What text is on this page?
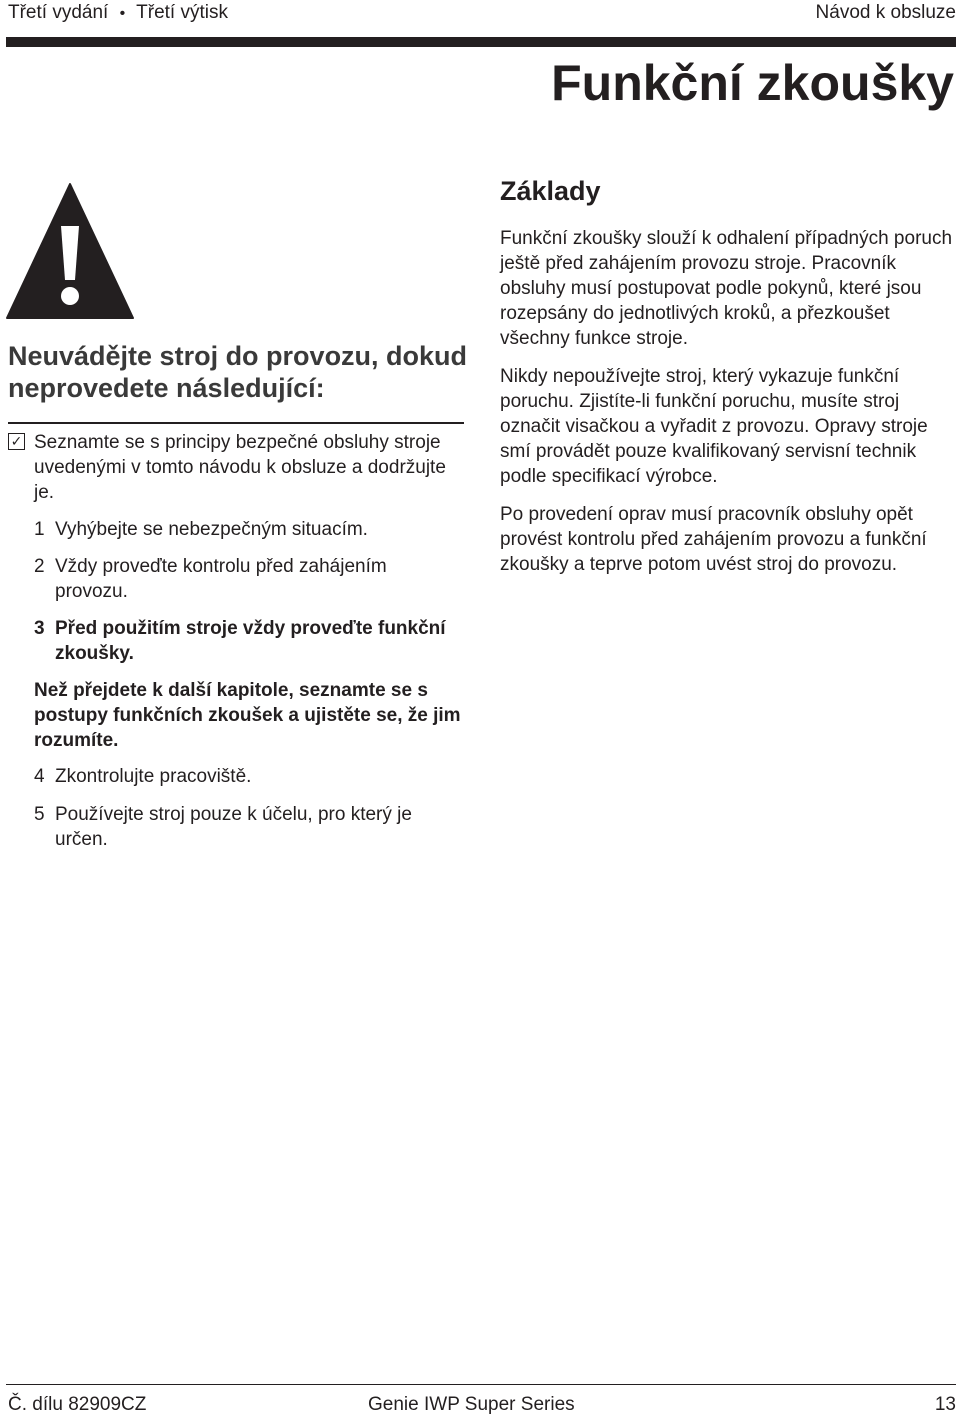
Třetí vydání • Třetí výtisk	Návod k obsluze
Funkční zkoušky
Neuvádějte stroj do provozu, dokud neprovedete následující:
✓ Seznamte se s principy bezpečné obsluhy stroje uvedenými v tomto návodu k obsluze a dodržujte je.
1 Vyhýbejte se nebezpečným situacím.
2 Vždy proveďte kontrolu před zahájením provozu.
3 Před použitím stroje vždy proveďte funkční zkoušky.
Než přejdete k další kapitole, seznamte se s postupy funkčních zkoušek a ujistěte se, že jim rozumíte.
4 Zkontrolujte pracoviště.
5 Používejte stroj pouze k účelu, pro který je určen.
Základy
Funkční zkoušky slouží k odhalení případných poruch ještě před zahájením provozu stroje. Pracovník obsluhy musí postupovat podle pokynů, které jsou rozepsány do jednotlivých kroků, a přezkoušet všechny funkce stroje.
Nikdy nepoužívejte stroj, který vykazuje funkční poruchu. Zjistíte-li funkční poruchu, musíte stroj označit visačkou a vyřadit z provozu. Opravy stroje smí provádět pouze kvalifikovaný servisní technik podle specifikací výrobce.
Po provedení oprav musí pracovník obsluhy opět provést kontrolu před zahájením provozu a funkční zkoušky a teprve potom uvést stroj do provozu.
Č. dílu 82909CZ	Genie IWP Super Series	13
